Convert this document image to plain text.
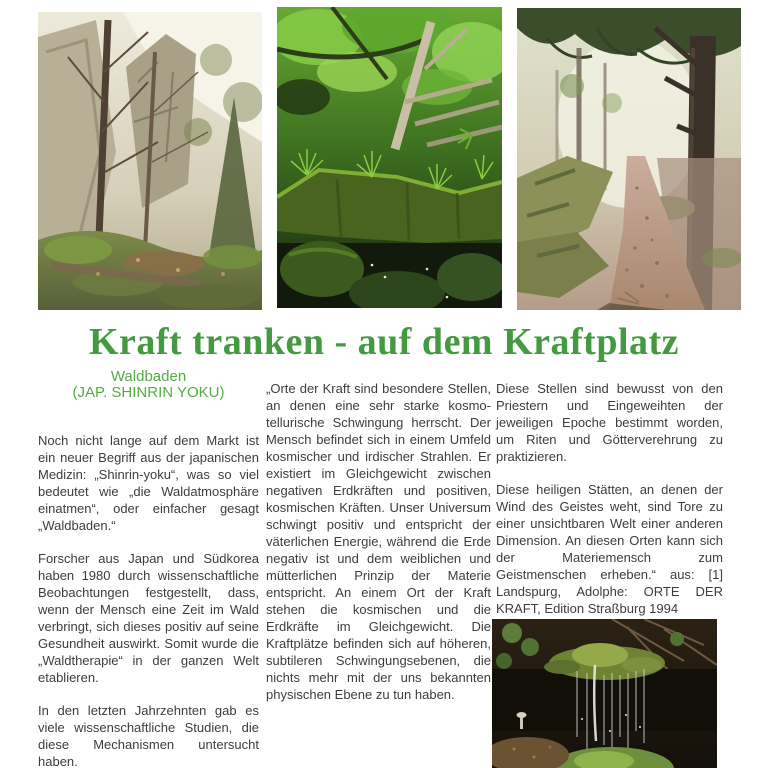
Kraft tranken - auf dem Kraftplatz
Waldbaden
(JAP. SHINRIN YOKU)

Noch nicht lange auf dem Markt ist ein neuer Begriff aus der japanischen Medizin: „Shinrin-yoku“, was so viel bedeutet wie „die Waldatmosphäre einatmen“, oder einfacher gesagt „Waldbaden.“

Forscher aus Japan und Südkorea haben 1980 durch wissenschaftliche Beobachtungen festgestellt, dass, wenn der Mensch eine Zeit im Wald verbringt, sich dieses positiv auf seine Gesundheit auswirkt. Somit wurde die „Waldtherapie“ in der ganzen Welt etablieren.

In den letzten Jahrzehnten gab es viele wissenschaftliche Studien, die diese Mechanismen untersucht haben.

„Orte der Kraft sind besondere Stellen, an denen eine sehr starke kosmo-tellurische Schwingung herrscht. Der Mensch befindet sich in einem Umfeld kosmischer und irdischer Strahlen. Er existiert im Gleichgewicht zwischen negativen Erdkräften und positiven, kosmischen Kräften. Unser Universum schwingt positiv und entspricht der väterlichen Energie, während die Erde negativ ist und dem weiblichen und mütterlichen Prinzip der Materie entspricht. An einem Ort der Kraft stehen die kosmischen und die Erdkräfte im Gleichgewicht. Die Kraftplätze befinden sich auf höheren, subtileren Schwingungsebenen, die nichts mehr mit der uns bekannten physischen Ebene zu tun haben.

Diese Stellen sind bewusst von den Priestern und Eingeweihten der jeweiligen Epoche bestimmt worden, um Riten und Götterverehrung zu praktizieren.

Diese heiligen Stätten, an denen der Wind des Geistes weht, sind Tore zu einer unsichtbaren Welt einer anderen Dimension. An diesen Orten kann sich der Materiemensch zum Geistmenschen erheben.“ aus: [1] Landspurg, Adolphe: ORTE DER KRAFT, Edition Straßburg 1994
